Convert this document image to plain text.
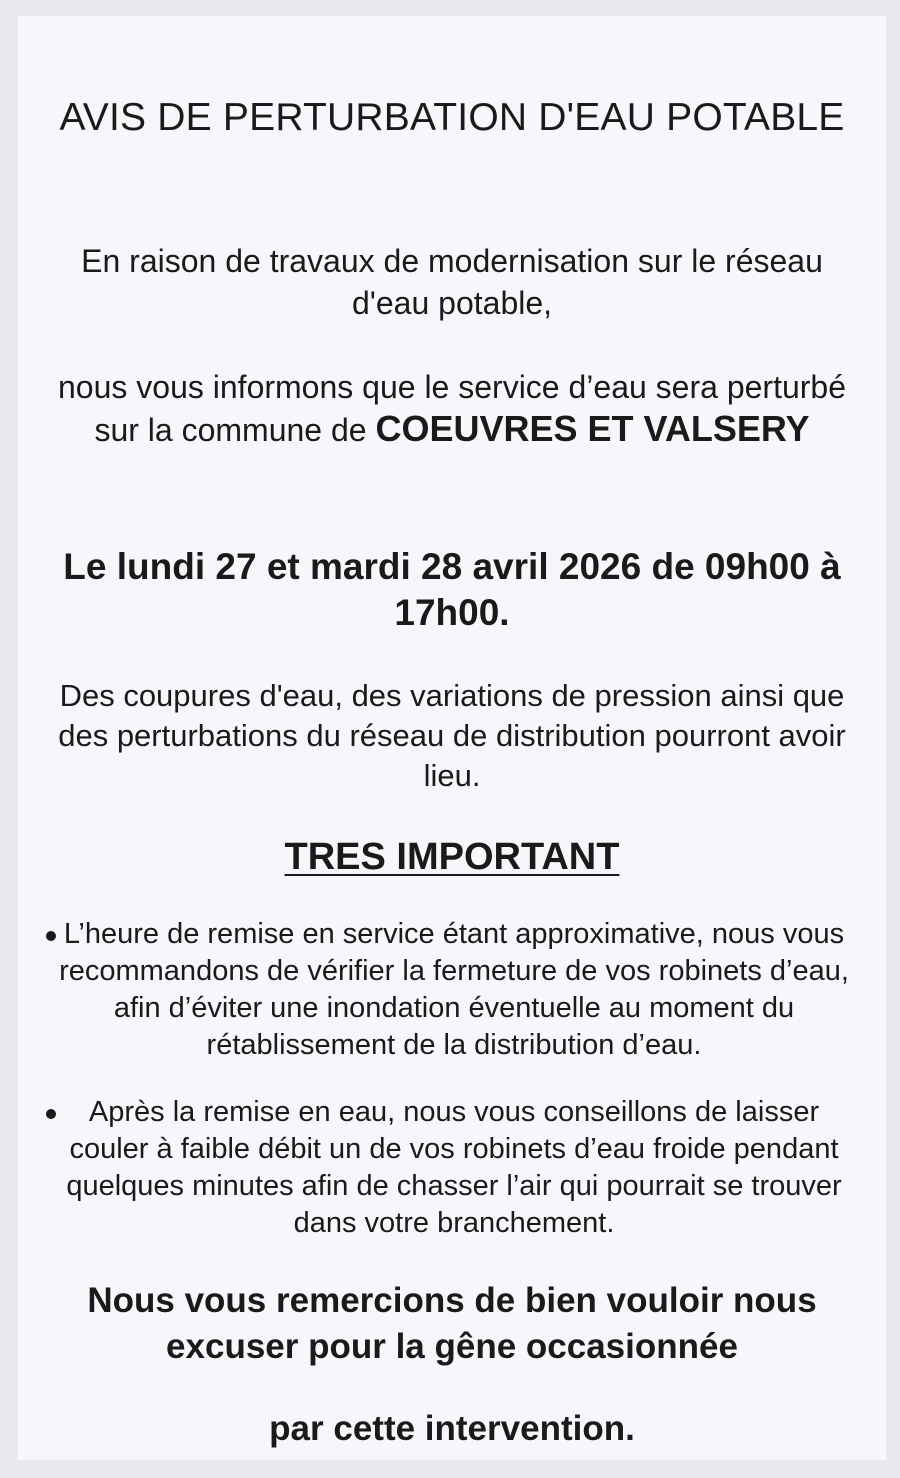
AVIS DE PERTURBATION D'EAU POTABLE

En raison de travaux de modernisation sur le réseau d'eau potable,

nous vous informons que le service d’eau sera perturbé sur la commune de COEUVRES ET VALSERY

Le lundi 27 et mardi 28 avril 2026 de 09h00 à 17h00.

Des coupures d'eau, des variations de pression ainsi que des perturbations du réseau de distribution pourront avoir lieu.

TRES IMPORTANT

L’heure de remise en service étant approximative, nous vous recommandons de vérifier la fermeture de vos robinets d’eau, afin d’éviter une inondation éventuelle au moment du rétablissement de la distribution d’eau.

Après la remise en eau, nous vous conseillons de laisser couler à faible débit un de vos robinets d’eau froide pendant quelques minutes afin de chasser l’air qui pourrait se trouver dans votre branchement.

Nous vous remercions de bien vouloir nous excuser pour la gêne occasionnée

par cette intervention.
